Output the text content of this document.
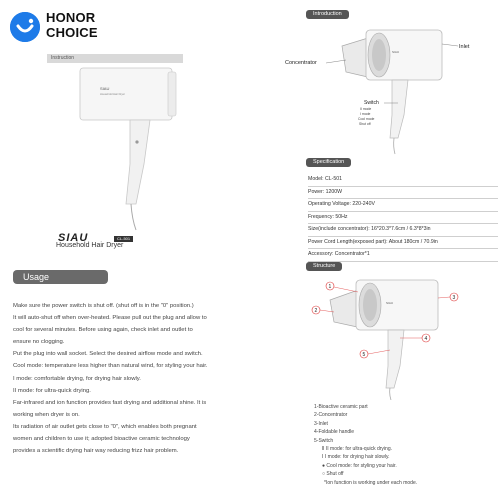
HONOR
CHOICE
Instruction
SIAU
Household Hair Dryer
SIAU	CL-501
Household Hair Dryer
Usage

Make sure the power switch is shut off. (shut off is in the "0" position.)

It will auto-shut off when over-heated. Please pull out the plug and allow to

cool for several minutes. Before using again, check inlet and outlet to

ensure no clogging.

Put the plug into wall socket. Select the desired airflow mode and switch.

Cool mode: temperature less higher than natural wind, for styling your hair.

I mode: comfortable drying, for drying hair slowly.

II mode: for ultra-quick drying.

Far-infrared and ion function provides fast drying and additional shine. It is

working when dryer is on.

Its radiation of air outlet gets close to "0", which enables both pregnant

women and children to use it; adopted bioactive ceramic technology

provides a scientific drying hair way reducing frizz hair problem.

Introduction
SIAU
Inlet
Concentrator
Switch
II mode
I mode
Cool mode
Shut off
Specification
Model: CL-501
Power: 1200W
Operating Voltage: 220-240V
Frequency: 50Hz
Size(include concentrator): 16*20.3*7.6cm / 6.3*8*3in
Power Cord Length(exposed part): About 180cm / 70.9in
Accessory: Concentrator*1
Structure
SIAU
1
2
3
4
5
1-Bioactive ceramic part
2-Concentrator
3-Inlet
4-Foldable handle
5-Switch
Ⅱ II mode: for ultra-quick drying.
Ⅰ I mode: for drying hair slowly.
● Cool mode: for styling your hair.
○ Shut off
*Ion function is working under each mode.
